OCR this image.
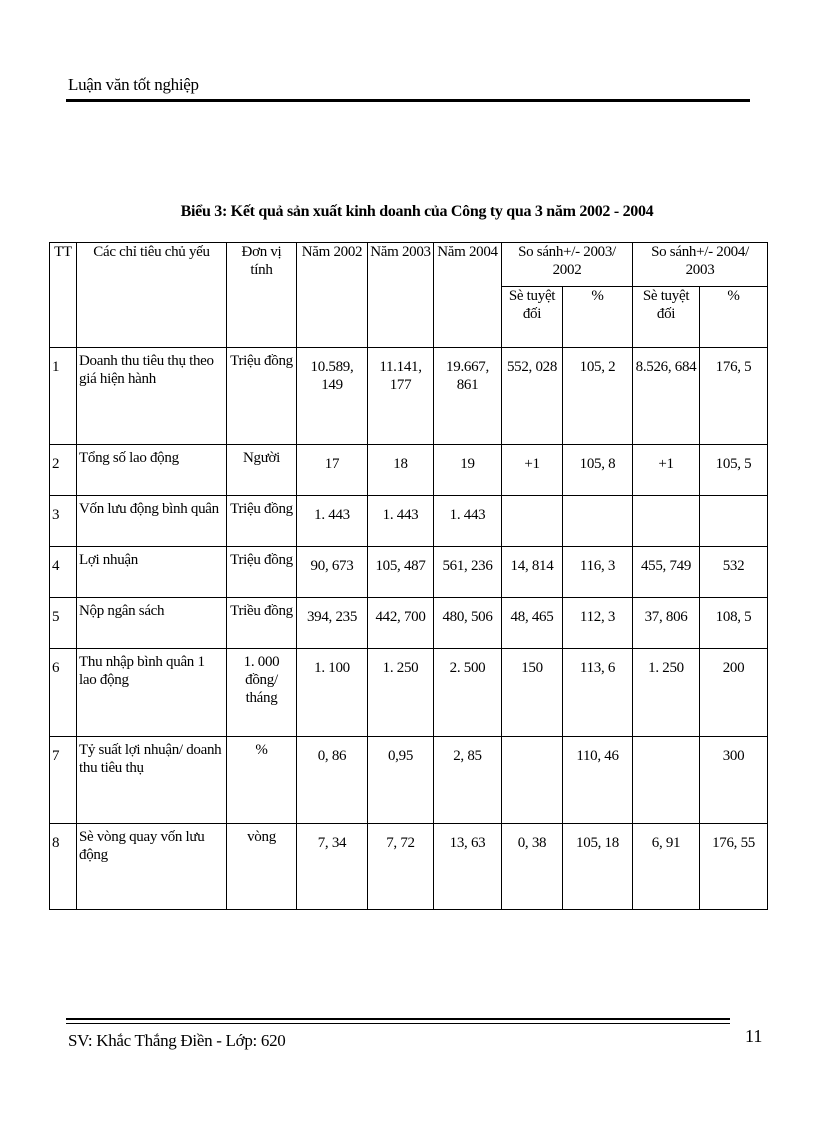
Luận văn tốt nghiệp
Biểu 3: Kết quả sản xuất kinh doanh của Công ty qua 3 năm 2002 - 2004
TT	Các chỉ tiêu chủ yếu	Đơn vị tính	Năm 2002	Năm 2003	Năm 2004	So sánh+/- 2003/ 2002		So sánh+/- 2004/ 2003	
						Sè tuyệt đối	%	Sè tuyệt đối	%
1	Doanh thu tiêu thụ theo giá hiện hành	Triệu đồng	10.589, 149	11.141, 177	19.667, 861	552, 028	105, 2	8.526, 684	176, 5
2	Tổng số lao động	Người	17	18	19	+1	105, 8	+1	105, 5
3	Vốn lưu động bình quân	Triệu đồng	1. 443	1. 443	1. 443				
4	Lợi nhuận	Triệu đồng	90, 673	105, 487	561, 236	14, 814	116, 3	455, 749	532
5	Nộp ngân sách	Triều đồng	394, 235	442, 700	480, 506	48, 465	112, 3	37, 806	108, 5
6	Thu nhập bình quân 1 lao động	1. 000 đồng/ tháng	1. 100	1. 250	2. 500	150	113, 6	1. 250	200
7	Tỷ suất lợi nhuận/ doanh thu tiêu thụ	%	0, 86	0,95	2, 85		110, 46		300
8	Sè vòng quay vốn lưu động	vòng	7, 34	7, 72	13, 63	0, 38	105, 18	6, 91	176, 55
SV: Khắc Thắng Điền - Lớp: 620	11
